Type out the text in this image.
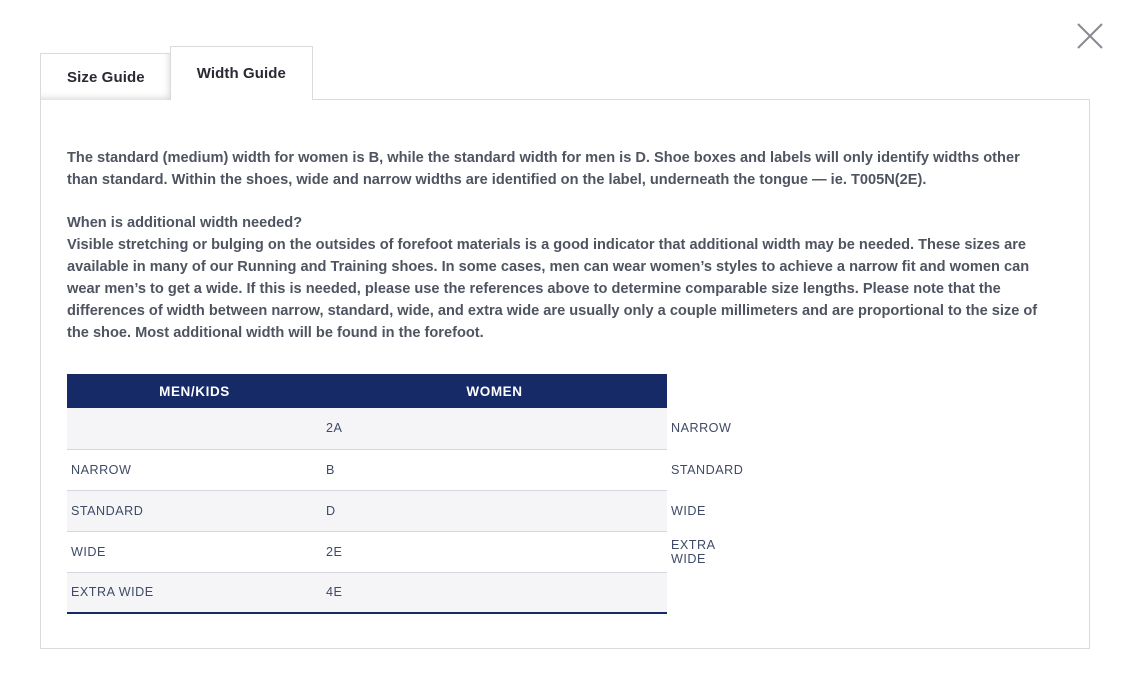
Size Guide	Width Guide

The standard (medium) width for women is B, while the standard width for men is D. Shoe boxes and labels will only identify widths other than standard. Within the shoes, wide and narrow widths are identified on the label, underneath the tongue — ie. T005N(2E).

When is additional width needed?
Visible stretching or bulging on the outsides of forefoot materials is a good indicator that additional width may be needed. These sizes are available in many of our Running and Training shoes. In some cases, men can wear women’s styles to achieve a narrow fit and women can wear men’s to get a wide. If this is needed, please use the references above to determine comparable size lengths. Please note that the differences of width between narrow, standard, wide, and extra wide are usually only a couple millimeters and are proportional to the size of the shoe. Most additional width will be found in the forefoot.

MEN/KIDS	WOMEN	
	2A	NARROW
NARROW	B	STANDARD
STANDARD	D	WIDE
WIDE	2E	EXTRA WIDE
EXTRA WIDE	4E	
